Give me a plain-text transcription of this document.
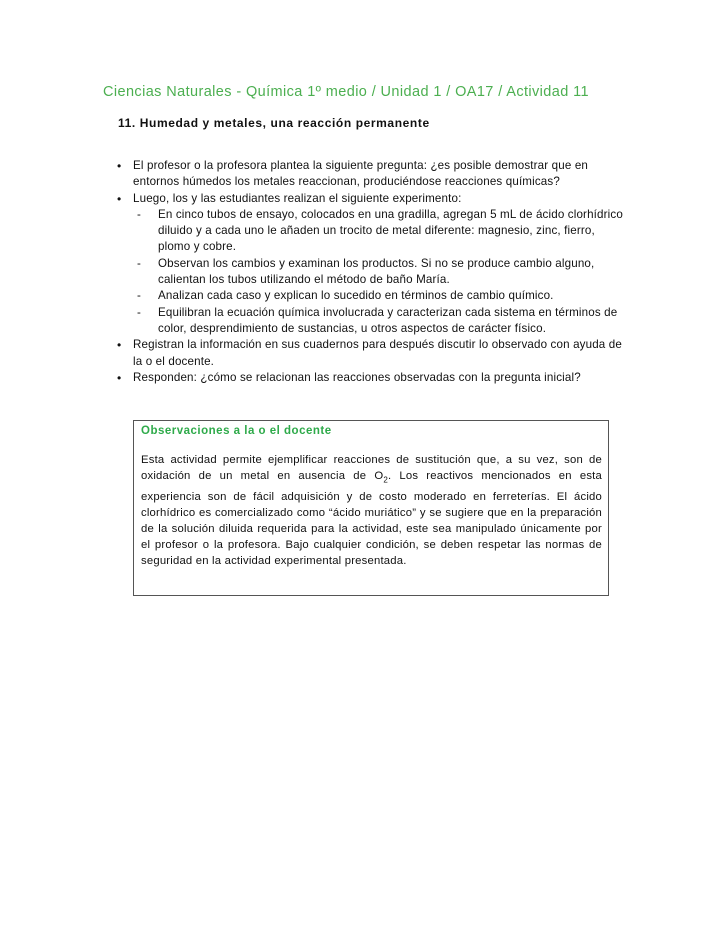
Ciencias Naturales - Química 1º medio / Unidad 1 / OA17 / Actividad 11
11. Humedad y metales, una reacción permanente
• El profesor o la profesora plantea la siguiente pregunta: ¿es posible demostrar que en entornos húmedos los metales reaccionan, produciéndose reacciones químicas?
• Luego, los y las estudiantes realizan el siguiente experimento:
- En cinco tubos de ensayo, colocados en una gradilla, agregan 5 mL de ácido clorhídrico diluido y a cada uno le añaden un trocito de metal diferente: magnesio, zinc, fierro, plomo y cobre.
- Observan los cambios y examinan los productos. Si no se produce cambio alguno, calientan los tubos utilizando el método de baño María.
- Analizan cada caso y explican lo sucedido en términos de cambio químico.
- Equilibran la ecuación química involucrada y caracterizan cada sistema en términos de color, desprendimiento de sustancias, u otros aspectos de carácter físico.
• Registran la información en sus cuadernos para después discutir lo observado con ayuda de la o el docente.
• Responden: ¿cómo se relacionan las reacciones observadas con la pregunta inicial?
Observaciones a la o el docente
Esta actividad permite ejemplificar reacciones de sustitución que, a su vez, son de oxidación de un metal en ausencia de $O_2$. Los reactivos mencionados en esta experiencia son de fácil adquisición y de costo moderado en ferreterías. El ácido clorhídrico es comercializado como “ácido muriático” y se sugiere que en la preparación de la solución diluida requerida para la actividad, este sea manipulado únicamente por el profesor o la profesora. Bajo cualquier condición, se deben respetar las normas de seguridad en la actividad experimental presentada.
